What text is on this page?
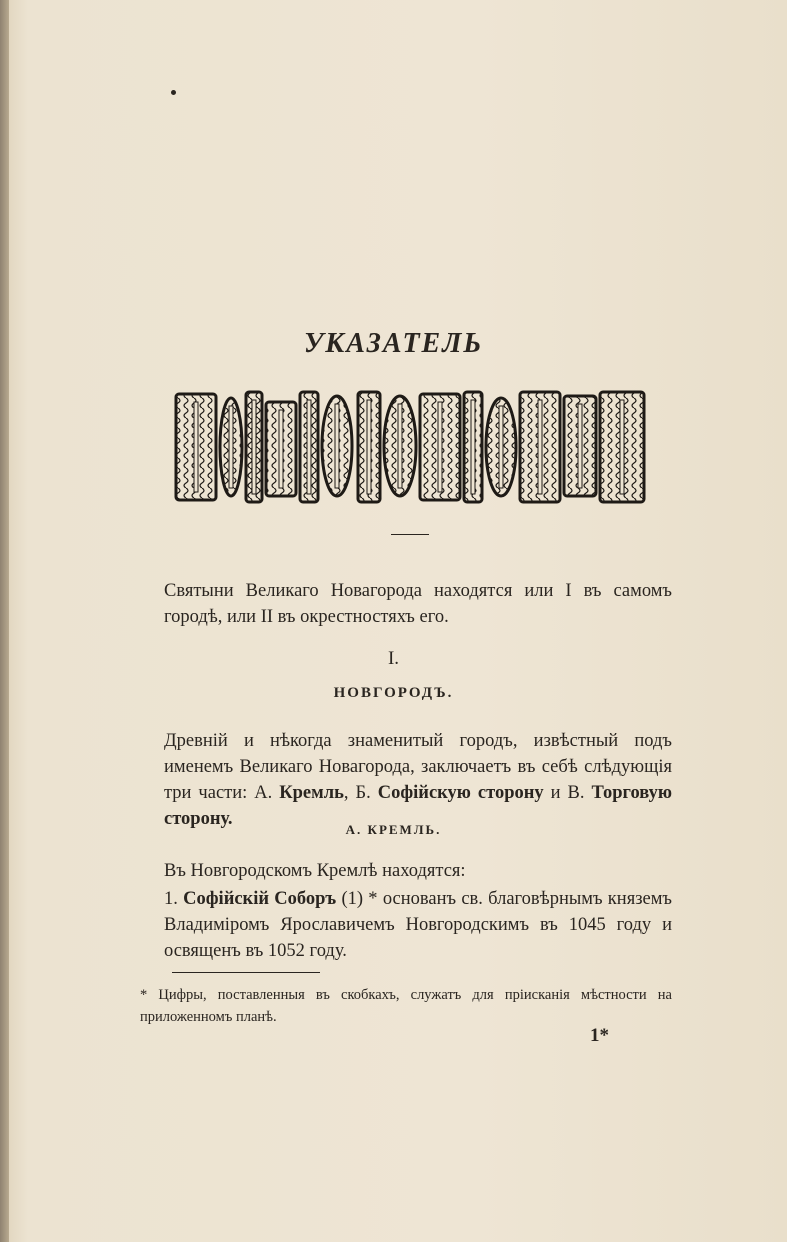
УКАЗАТЕЛЬ
ВЕЛИКАГО НОВГОРОДА
Святыни Великаго Новагорода находятся или I въ самомъ городѣ, или II въ окрестностяхъ его.
I.
НОВГОРОДЪ.
Древній и нѣкогда знаменитый городъ, извѣстный подъ именемъ Великаго Новагорода, заключаетъ въ себѣ слѣдующія три части: А. Кремль, Б. Софійскую сторону и В. Торговую сторону.
А. КРЕМЛЬ.
Въ Новгородскомъ Кремлѣ находятся:
1. Софійскій Соборъ (1) * основанъ св. благовѣрнымъ княземъ Владиміромъ Ярославичемъ Новгородскимъ въ 1045 году и освященъ въ 1052 году.
* Цифры, поставленныя въ скобкахъ, служатъ для пріисканія мѣстности на приложенномъ планѣ.
1*
